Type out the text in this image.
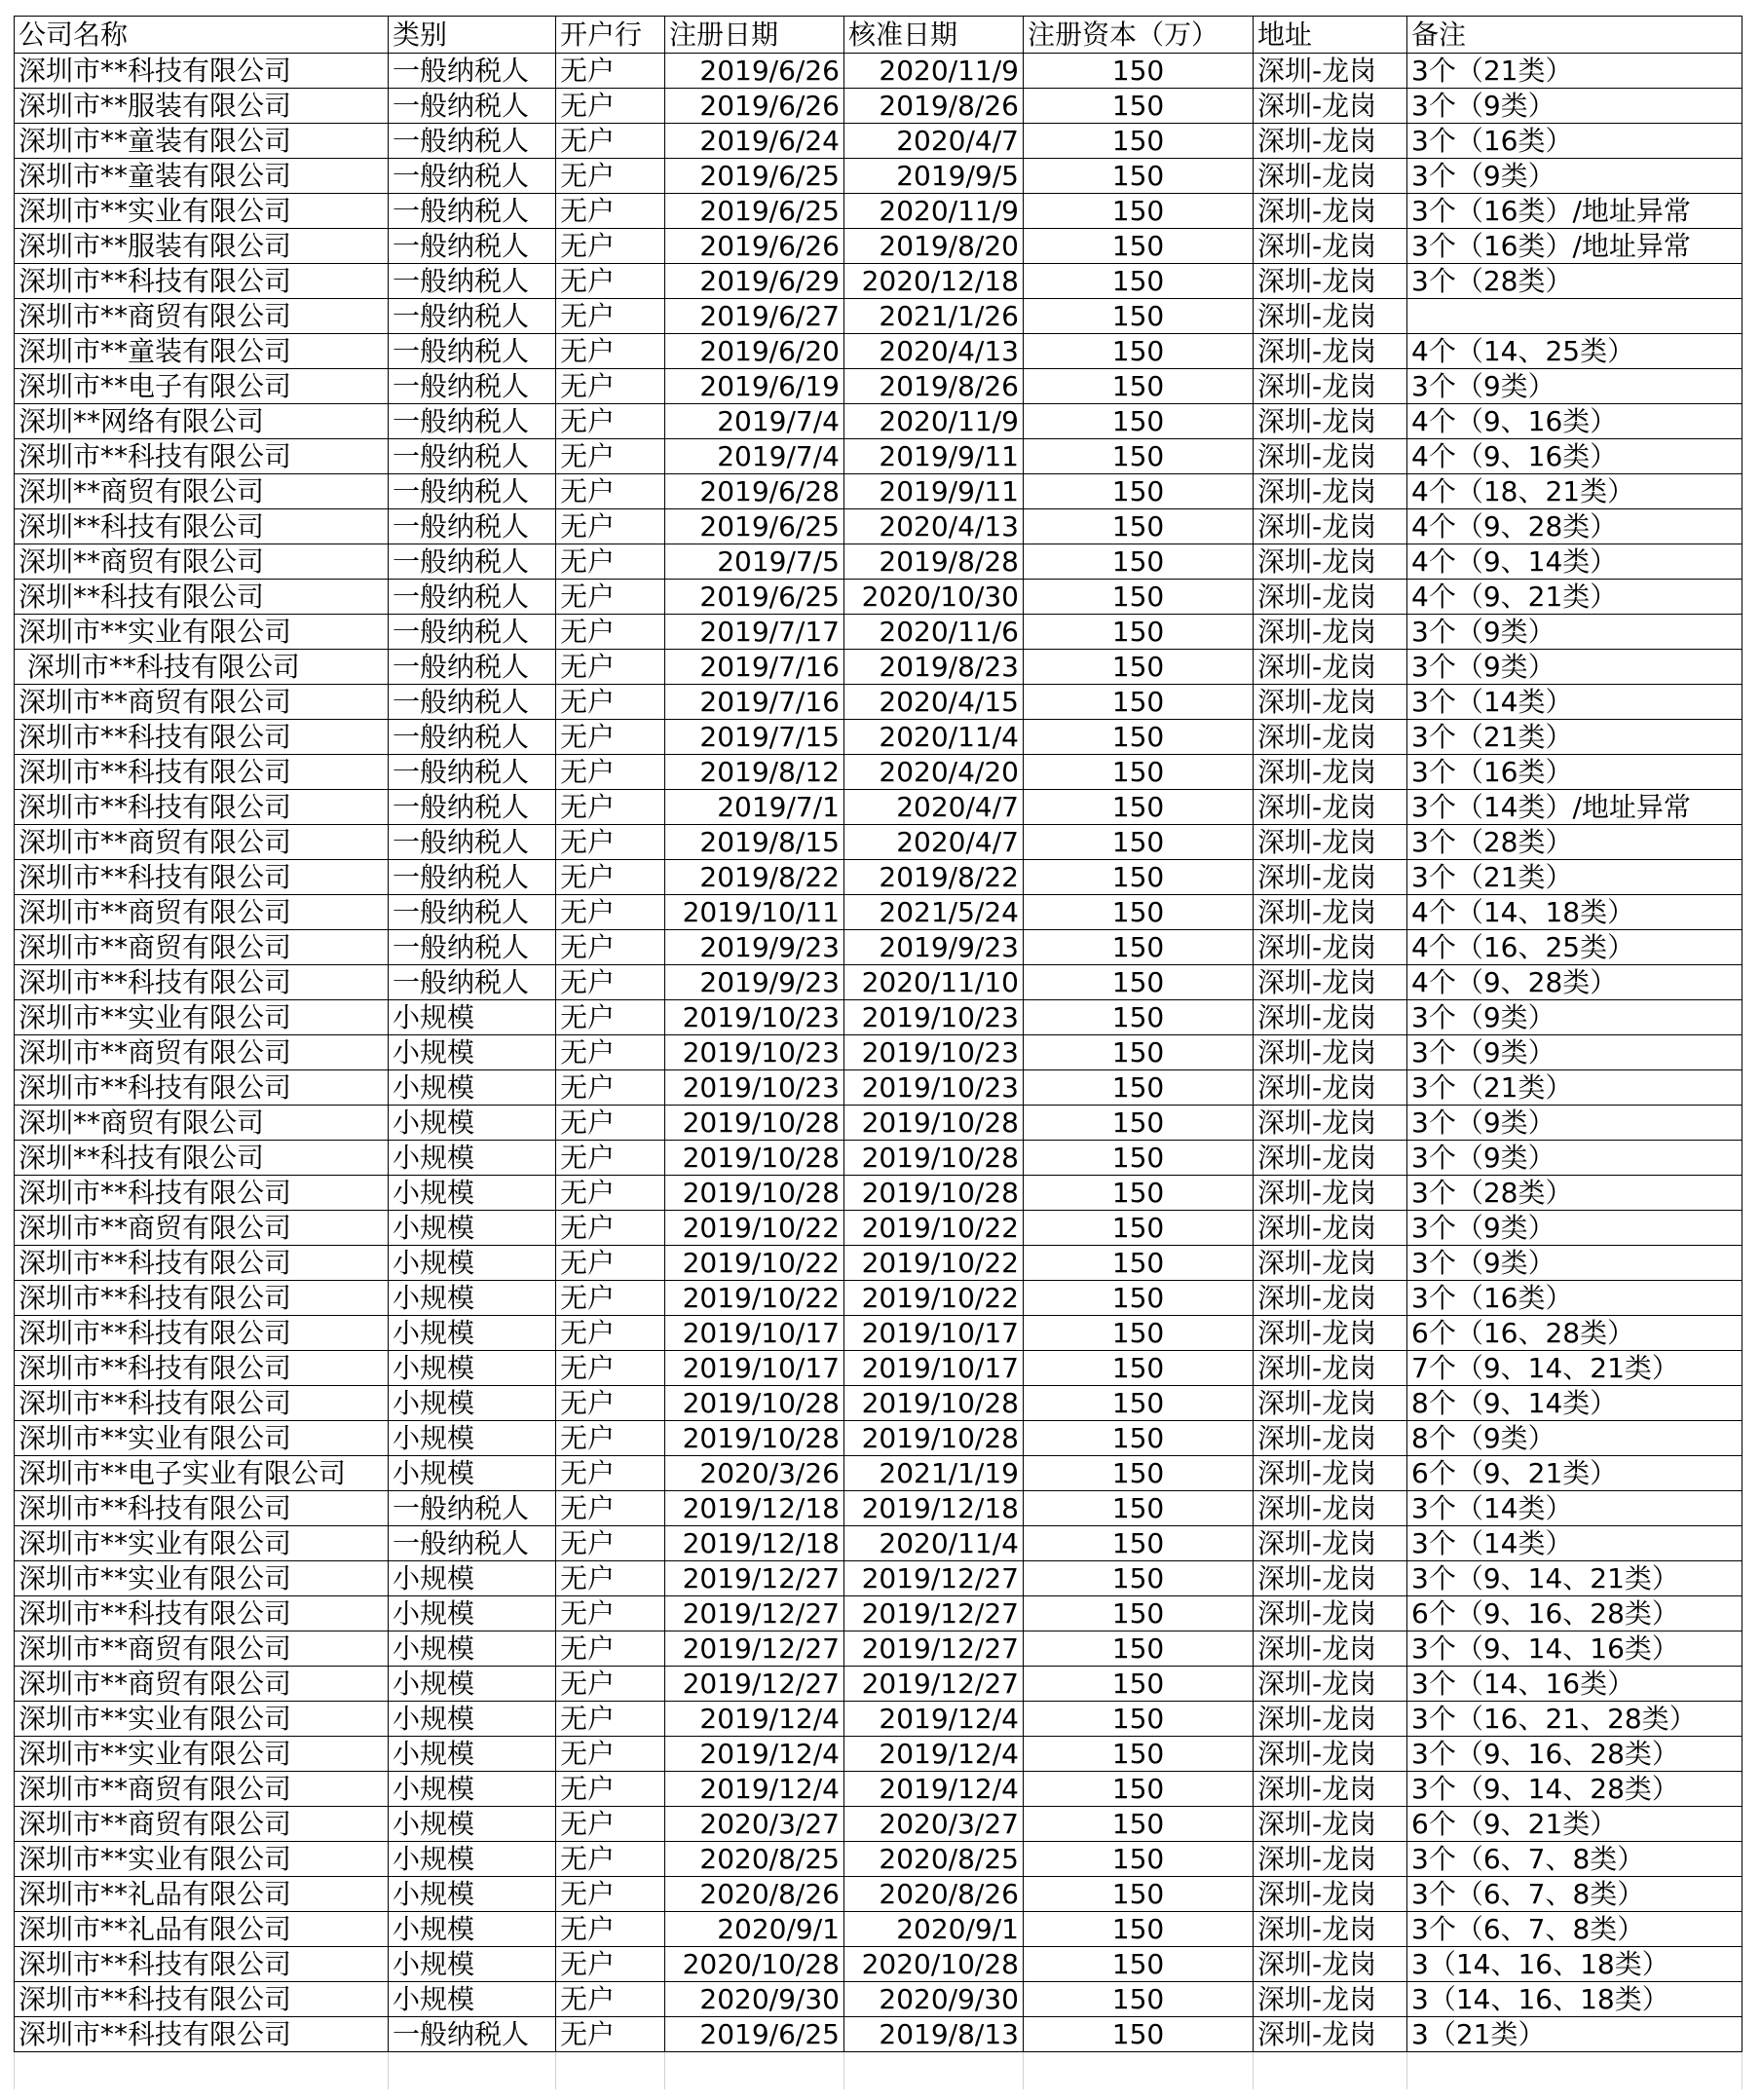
公司名称	类别	开户行	注册日期	核准日期	注册资本（万）	地址	备注
深圳市**科技有限公司	一般纳税人	无户	2019/6/26	2020/11/9	150	深圳-龙岗	3个（21类）
深圳市**服装有限公司	一般纳税人	无户	2019/6/26	2019/8/26	150	深圳-龙岗	3个（9类）
深圳市**童装有限公司	一般纳税人	无户	2019/6/24	2020/4/7	150	深圳-龙岗	3个（16类）
深圳市**童装有限公司	一般纳税人	无户	2019/6/25	2019/9/5	150	深圳-龙岗	3个（9类）
深圳市**实业有限公司	一般纳税人	无户	2019/6/25	2020/11/9	150	深圳-龙岗	3个（16类）/地址异常
深圳市**服装有限公司	一般纳税人	无户	2019/6/26	2019/8/20	150	深圳-龙岗	3个（16类）/地址异常
深圳市**科技有限公司	一般纳税人	无户	2019/6/29	2020/12/18	150	深圳-龙岗	3个（28类）
深圳市**商贸有限公司	一般纳税人	无户	2019/6/27	2021/1/26	150	深圳-龙岗	
深圳市**童装有限公司	一般纳税人	无户	2019/6/20	2020/4/13	150	深圳-龙岗	4个（14、25类）
深圳市**电子有限公司	一般纳税人	无户	2019/6/19	2019/8/26	150	深圳-龙岗	3个（9类）
深圳**网络有限公司	一般纳税人	无户	2019/7/4	2020/11/9	150	深圳-龙岗	4个（9、16类）
深圳市**科技有限公司	一般纳税人	无户	2019/7/4	2019/9/11	150	深圳-龙岗	4个（9、16类）
深圳**商贸有限公司	一般纳税人	无户	2019/6/28	2019/9/11	150	深圳-龙岗	4个（18、21类）
深圳**科技有限公司	一般纳税人	无户	2019/6/25	2020/4/13	150	深圳-龙岗	4个（9、28类）
深圳**商贸有限公司	一般纳税人	无户	2019/7/5	2019/8/28	150	深圳-龙岗	4个（9、14类）
深圳**科技有限公司	一般纳税人	无户	2019/6/25	2020/10/30	150	深圳-龙岗	4个（9、21类）
深圳市**实业有限公司	一般纳税人	无户	2019/7/17	2020/11/6	150	深圳-龙岗	3个（9类）
深圳市**科技有限公司	一般纳税人	无户	2019/7/16	2019/8/23	150	深圳-龙岗	3个（9类）
深圳市**商贸有限公司	一般纳税人	无户	2019/7/16	2020/4/15	150	深圳-龙岗	3个（14类）
深圳市**科技有限公司	一般纳税人	无户	2019/7/15	2020/11/4	150	深圳-龙岗	3个（21类）
深圳市**科技有限公司	一般纳税人	无户	2019/8/12	2020/4/20	150	深圳-龙岗	3个（16类）
深圳市**科技有限公司	一般纳税人	无户	2019/7/1	2020/4/7	150	深圳-龙岗	3个（14类）/地址异常
深圳市**商贸有限公司	一般纳税人	无户	2019/8/15	2020/4/7	150	深圳-龙岗	3个（28类）
深圳市**科技有限公司	一般纳税人	无户	2019/8/22	2019/8/22	150	深圳-龙岗	3个（21类）
深圳市**商贸有限公司	一般纳税人	无户	2019/10/11	2021/5/24	150	深圳-龙岗	4个（14、18类）
深圳市**商贸有限公司	一般纳税人	无户	2019/9/23	2019/9/23	150	深圳-龙岗	4个（16、25类）
深圳市**科技有限公司	一般纳税人	无户	2019/9/23	2020/11/10	150	深圳-龙岗	4个（9、28类）
深圳市**实业有限公司	小规模	无户	2019/10/23	2019/10/23	150	深圳-龙岗	3个（9类）
深圳市**商贸有限公司	小规模	无户	2019/10/23	2019/10/23	150	深圳-龙岗	3个（9类）
深圳市**科技有限公司	小规模	无户	2019/10/23	2019/10/23	150	深圳-龙岗	3个（21类）
深圳**商贸有限公司	小规模	无户	2019/10/28	2019/10/28	150	深圳-龙岗	3个（9类）
深圳**科技有限公司	小规模	无户	2019/10/28	2019/10/28	150	深圳-龙岗	3个（9类）
深圳市**科技有限公司	小规模	无户	2019/10/28	2019/10/28	150	深圳-龙岗	3个（28类）
深圳市**商贸有限公司	小规模	无户	2019/10/22	2019/10/22	150	深圳-龙岗	3个（9类）
深圳市**科技有限公司	小规模	无户	2019/10/22	2019/10/22	150	深圳-龙岗	3个（9类）
深圳市**科技有限公司	小规模	无户	2019/10/22	2019/10/22	150	深圳-龙岗	3个（16类）
深圳市**科技有限公司	小规模	无户	2019/10/17	2019/10/17	150	深圳-龙岗	6个（16、28类）
深圳市**科技有限公司	小规模	无户	2019/10/17	2019/10/17	150	深圳-龙岗	7个（9、14、21类）
深圳市**科技有限公司	小规模	无户	2019/10/28	2019/10/28	150	深圳-龙岗	8个（9、14类）
深圳市**实业有限公司	小规模	无户	2019/10/28	2019/10/28	150	深圳-龙岗	8个（9类）
深圳市**电子实业有限公司	小规模	无户	2020/3/26	2021/1/19	150	深圳-龙岗	6个（9、21类）
深圳市**科技有限公司	一般纳税人	无户	2019/12/18	2019/12/18	150	深圳-龙岗	3个（14类）
深圳市**实业有限公司	一般纳税人	无户	2019/12/18	2020/11/4	150	深圳-龙岗	3个（14类）
深圳市**实业有限公司	小规模	无户	2019/12/27	2019/12/27	150	深圳-龙岗	3个（9、14、21类）
深圳市**科技有限公司	小规模	无户	2019/12/27	2019/12/27	150	深圳-龙岗	6个（9、16、28类）
深圳市**商贸有限公司	小规模	无户	2019/12/27	2019/12/27	150	深圳-龙岗	3个（9、14、16类）
深圳市**商贸有限公司	小规模	无户	2019/12/27	2019/12/27	150	深圳-龙岗	3个（14、16类）
深圳市**实业有限公司	小规模	无户	2019/12/4	2019/12/4	150	深圳-龙岗	3个（16、21、28类）
深圳市**实业有限公司	小规模	无户	2019/12/4	2019/12/4	150	深圳-龙岗	3个（9、16、28类）
深圳市**商贸有限公司	小规模	无户	2019/12/4	2019/12/4	150	深圳-龙岗	3个（9、14、28类）
深圳市**商贸有限公司	小规模	无户	2020/3/27	2020/3/27	150	深圳-龙岗	6个（9、21类）
深圳市**实业有限公司	小规模	无户	2020/8/25	2020/8/25	150	深圳-龙岗	3个（6、7、8类）
深圳市**礼品有限公司	小规模	无户	2020/8/26	2020/8/26	150	深圳-龙岗	3个（6、7、8类）
深圳市**礼品有限公司	小规模	无户	2020/9/1	2020/9/1	150	深圳-龙岗	3个（6、7、8类）
深圳市**科技有限公司	小规模	无户	2020/10/28	2020/10/28	150	深圳-龙岗	3（14、16、18类）
深圳市**科技有限公司	小规模	无户	2020/9/30	2020/9/30	150	深圳-龙岗	3（14、16、18类）
深圳市**科技有限公司	一般纳税人	无户	2019/6/25	2019/8/13	150	深圳-龙岗	3（21类）
